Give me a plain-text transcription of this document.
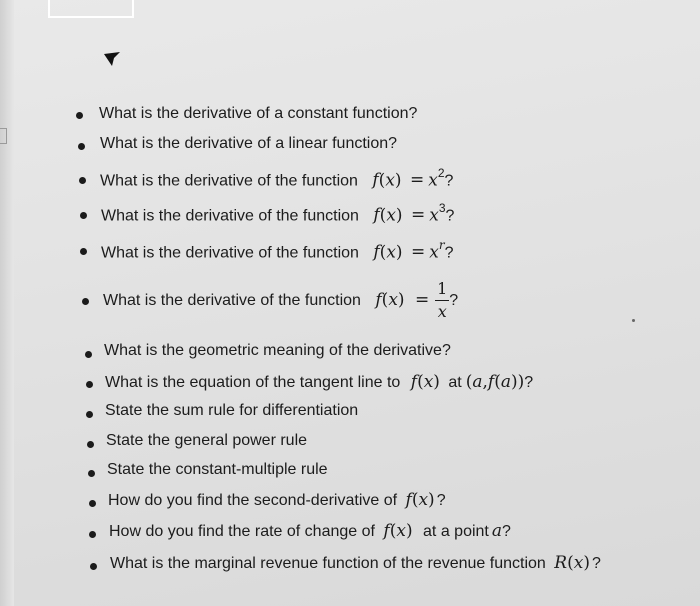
What is the derivative of a constant function?
What is the derivative of a linear function?
What is the derivative of the function $f(x) = x^2$?
What is the derivative of the function $f(x) = x^3$?
What is the derivative of the function $f(x) = x^r$?
What is the derivative of the function $f(x) = \frac{1}{x}$ ?
What is the geometric meaning of the derivative?
What is the equation of the tangent line to f(x) at (a,f(a))?
State the sum rule for differentiation
State the general power rule
State the constant-multiple rule
How do you find the second-derivative of f(x) ?
How do you find the rate of change of f(x) at a point a?
What is the marginal revenue function of the revenue function R(x) ?
